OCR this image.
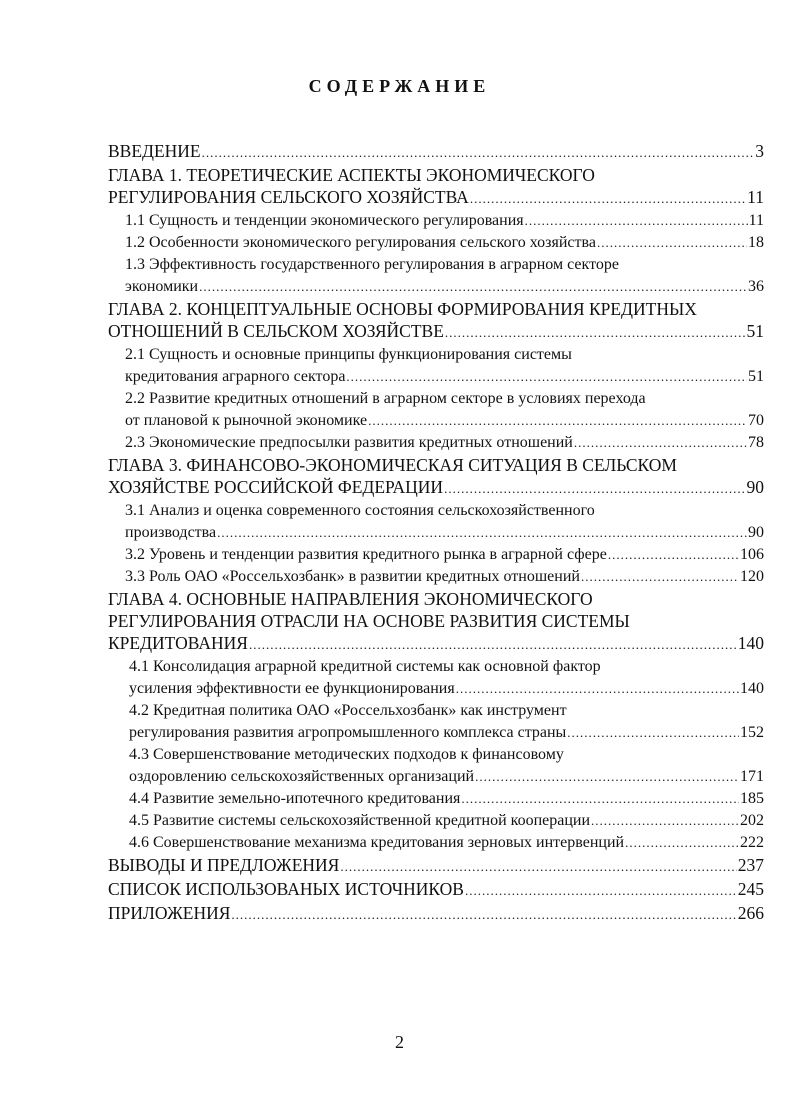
СОДЕРЖАНИЕ
ВВЕДЕНИЕ .....	3
ГЛАВА 1. ТЕОРЕТИЧЕСКИЕ АСПЕКТЫ ЭКОНОМИЧЕСКОГО
РЕГУЛИРОВАНИЯ СЕЛЬСКОГО ХОЗЯЙСТВА .....	11
1.1 Сущность и тенденции экономического регулирования .....	11
1.2 Особенности экономического регулирования сельского хозяйства .....	18
1.3 Эффективность государственного регулирования в аграрном секторе
экономики .....	36
ГЛАВА 2. КОНЦЕПТУАЛЬНЫЕ ОСНОВЫ ФОРМИРОВАНИЯ КРЕДИТНЫХ
ОТНОШЕНИЙ В СЕЛЬСКОМ ХОЗЯЙСТВЕ .....	51
2.1 Сущность и основные принципы функционирования системы
кредитования аграрного сектора .....	51
2.2 Развитие кредитных отношений в аграрном секторе в условиях перехода
от плановой к рыночной экономике .....	70
2.3 Экономические предпосылки развития кредитных отношений .....	78
ГЛАВА 3. ФИНАНСОВО-ЭКОНОМИЧЕСКАЯ СИТУАЦИЯ В СЕЛЬСКОМ
ХОЗЯЙСТВЕ РОССИЙСКОЙ ФЕДЕРАЦИИ .....	90
3.1 Анализ и оценка современного состояния сельскохозяйственного
производства .....	90
3.2 Уровень и тенденции развития кредитного рынка в аграрной сфере .....	106
3.3 Роль ОАО «Россельхозбанк» в развитии кредитных отношений .....	120
ГЛАВА 4. ОСНОВНЫЕ НАПРАВЛЕНИЯ ЭКОНОМИЧЕСКОГО
РЕГУЛИРОВАНИЯ ОТРАСЛИ НА ОСНОВЕ РАЗВИТИЯ СИСТЕМЫ
КРЕДИТОВАНИЯ .....	140
4.1 Консолидация аграрной кредитной системы как основной фактор
усиления эффективности ее функционирования .....	140
4.2 Кредитная политика ОАО «Россельхозбанк» как инструмент
регулирования развития агропромышленного комплекса страны .....	152
4.3 Совершенствование методических подходов к финансовому
оздоровлению сельскохозяйственных организаций .....	171
4.4 Развитие земельно-ипотечного кредитования .....	185
4.5 Развитие системы сельскохозяйственной кредитной кооперации .....	202
4.6 Совершенствование механизма кредитования зерновых интервенций .....	222
ВЫВОДЫ И ПРЕДЛОЖЕНИЯ .....	237
СПИСОК ИСПОЛЬЗОВАНЫХ ИСТОЧНИКОВ .....	245
ПРИЛОЖЕНИЯ .....	266
2
